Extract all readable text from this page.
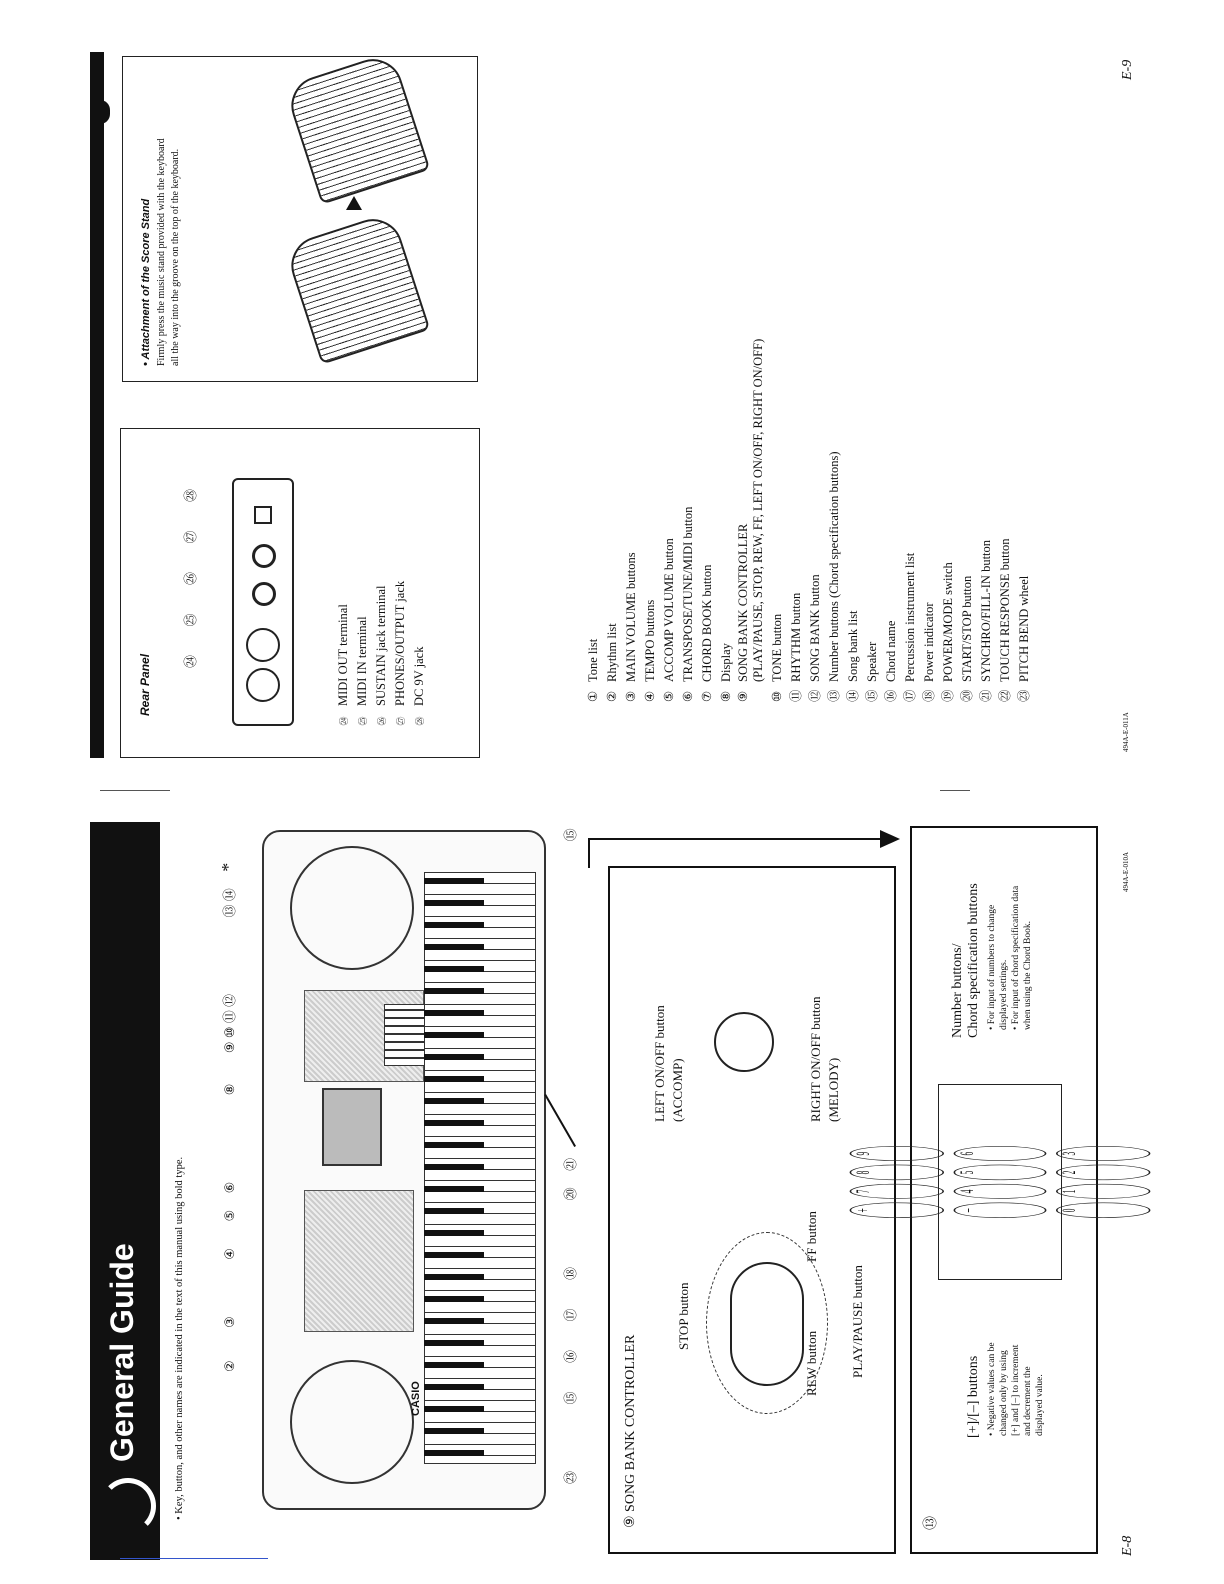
General Guide	• Key, button, and other names are indicated in the text of this manual using bold type.	CASIO
②  ③  ④  ⑤  ⑥  ⑧  ⑨ ⑩ ⑪ ⑫  ⑬ ⑭  *
㉓  ⑮  ⑯  ⑰  ⑱  ⑳  ㉑  ⑮
⑨ SONG BANK CONTROLLER
STOP button
REW button
FF button
PLAY/PAUSE button
LEFT ON/OFF button (ACCOMP)	RIGHT ON/OFF button (MELODY)
⑬
[+]/[–] buttons • Negative values can be changed only by using [+] and [–] to increment and decrement the displayed value.
+
7
8
9
–
4
5
6
0
1
2
3
Number buttons/ Chord specification buttons • For input of numbers to change displayed settings. • For input of chord specification data when using the Chord Book.
E-8
494A-E-010A
Rear Panel ㉔  ㉕  ㉖  ㉗  ㉘
㉔MIDI OUT terminal
㉕MIDI IN terminal
㉖SUSTAIN jack terminal
㉗PHONES/OUTPUT jack
㉘DC 9V jack
• Attachment of the Score Stand Firmly press the music stand provided with the keyboard all the way into the groove on the top of the keyboard.
①Tone list
②Rhythm list
③MAIN VOLUME buttons
④TEMPO buttons
⑤ACCOMP VOLUME button
⑥TRANSPOSE/TUNE/MIDI button
⑦CHORD BOOK button
⑧Display
⑨SONG BANK CONTROLLER (PLAY/PAUSE, STOP, REW, FF, LEFT ON/OFF, RIGHT ON/OFF)
⑩TONE button
⑪RHYTHM button
⑫SONG BANK button
⑬Number buttons (Chord specification buttons)
⑭Song bank list
⑮Speaker
⑯Chord name
⑰Percussion instrument list
⑱Power indicator
⑲POWER/MODE switch
⑳START/STOP button
㉑SYNCHRO/FILL-IN button
㉒TOUCH RESPONSE button
㉓PITCH BEND wheel
494A-E-011A
E-9
